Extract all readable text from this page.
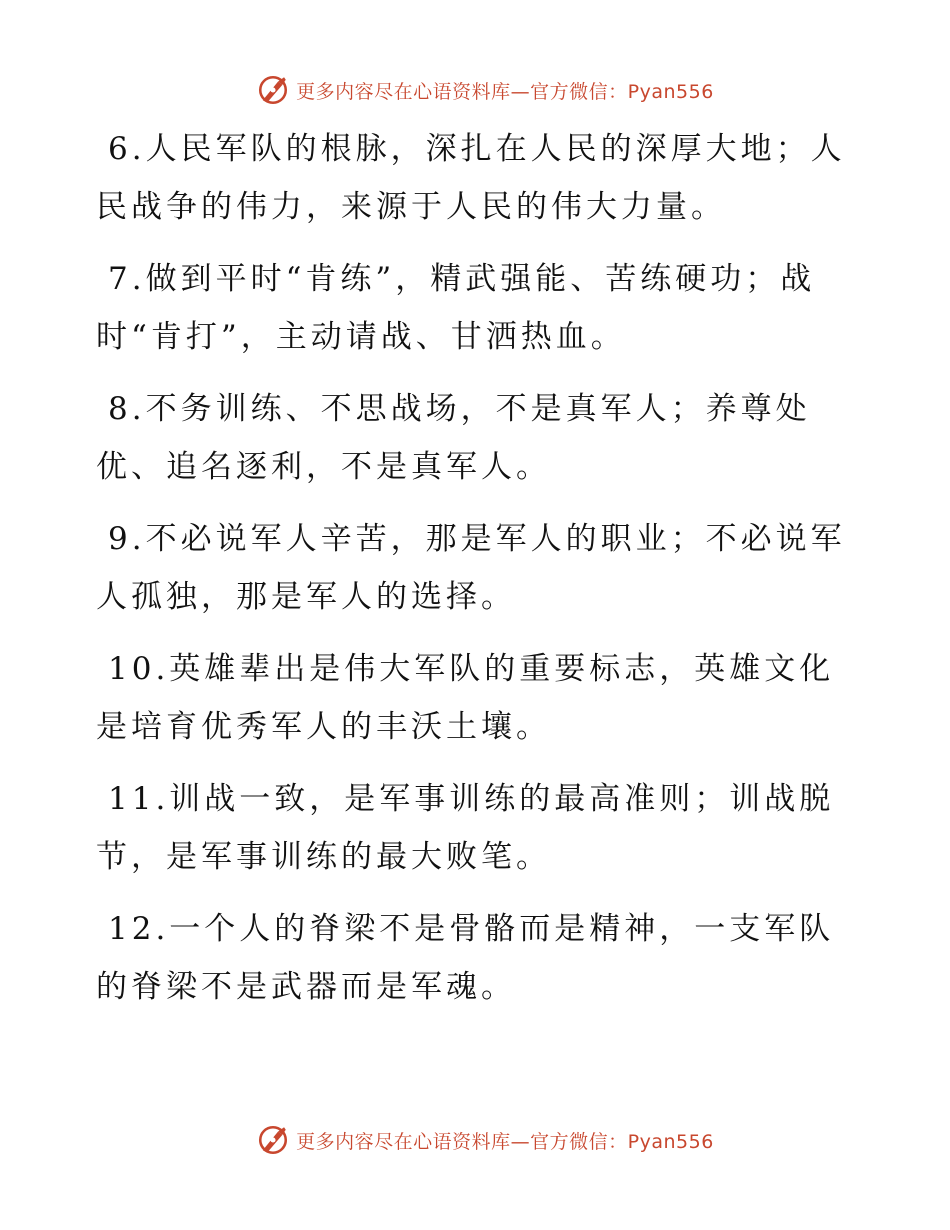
更多内容尽在心语资料库—官方微信：Pyan556

6.人民军队的根脉，深扎在人民的深厚大地；人民战争的伟力，来源于人民的伟大力量。

7.做到平时“肯练”，精武强能、苦练硬功；战时“肯打”，主动请战、甘洒热血。

8.不务训练、不思战场，不是真军人；养尊处优、追名逐利，不是真军人。

9.不必说军人辛苦，那是军人的职业；不必说军人孤独，那是军人的选择。

10.英雄辈出是伟大军队的重要标志，英雄文化是培育优秀军人的丰沃土壤。

11.训战一致，是军事训练的最高准则；训战脱节，是军事训练的最大败笔。

12.一个人的脊梁不是骨骼而是精神，一支军队的脊梁不是武器而是军魂。

更多内容尽在心语资料库—官方微信：Pyan556
